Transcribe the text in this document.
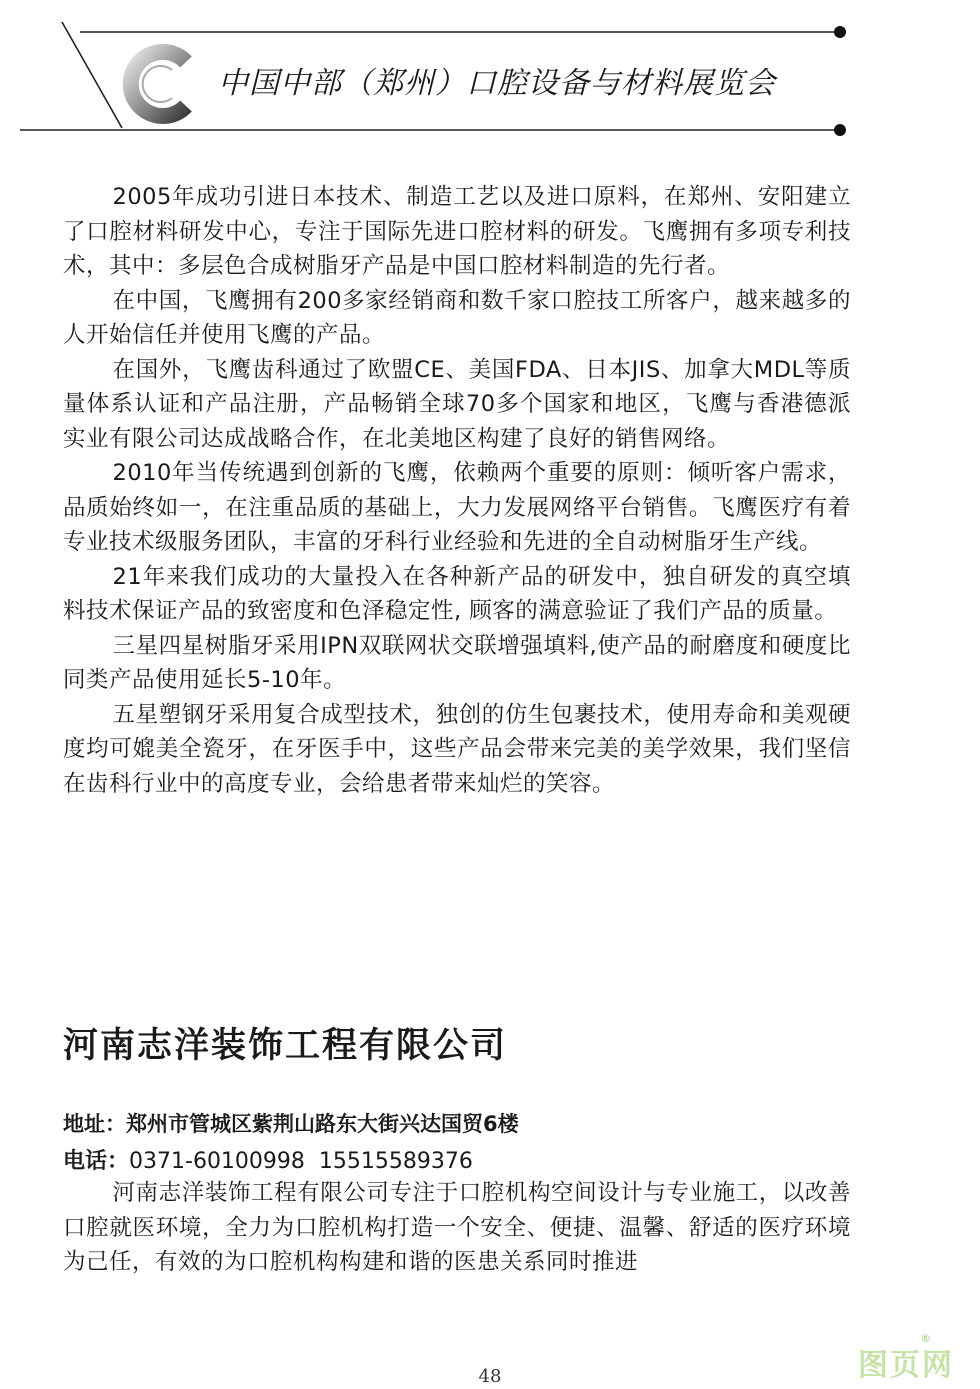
中国中部（郑州）口腔设备与材料展览会

2005年成功引进日本技术、制造工艺以及进口原料，在郑州、安阳建立了口腔材料研发中心，专注于国际先进口腔材料的研发。飞鹰拥有多项专利技术，其中：多层色合成树脂牙产品是中国口腔材料制造的先行者。

在中国，飞鹰拥有200多家经销商和数千家口腔技工所客户，越来越多的人开始信任并使用飞鹰的产品。

在国外，飞鹰齿科通过了欧盟CE、美国FDA、日本JIS、加拿大MDL等质量体系认证和产品注册，产品畅销全球70多个国家和地区，飞鹰与香港德派实业有限公司达成战略合作，在北美地区构建了良好的销售网络。

2010年当传统遇到创新的飞鹰，依赖两个重要的原则：倾听客户需求，品质始终如一，在注重品质的基础上，大力发展网络平台销售。飞鹰医疗有着专业技术级服务团队，丰富的牙科行业经验和先进的全自动树脂牙生产线。

21年来我们成功的大量投入在各种新产品的研发中，独自研发的真空填料技术保证产品的致密度和色泽稳定性, 顾客的满意验证了我们产品的质量。

三星四星树脂牙采用IPN双联网状交联增强填料,使产品的耐磨度和硬度比同类产品使用延长5-10年。

五星塑钢牙采用复合成型技术，独创的仿生包裹技术，使用寿命和美观硬度均可媲美全瓷牙，在牙医手中，这些产品会带来完美的美学效果，我们坚信在齿科行业中的高度专业，会给患者带来灿烂的笑容。

河南志洋装饰工程有限公司
地址：郑州市管城区紫荆山路东大街兴达国贸6楼
电话：0371-60100998  15515589376

河南志洋装饰工程有限公司专注于口腔机构空间设计与专业施工，以改善口腔就医环境，全力为口腔机构打造一个安全、便捷、温馨、舒适的医疗环境为己任，有效的为口腔机构构建和谐的医患关系同时推进

48	图页网
®
